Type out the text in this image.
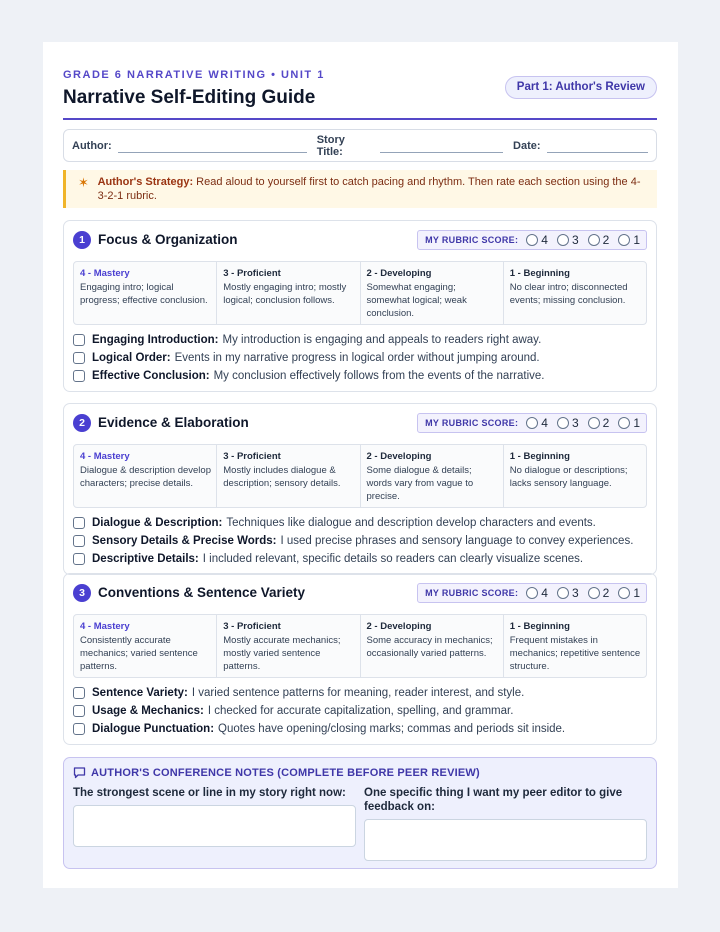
GRADE 6 NARRATIVE WRITING • UNIT 1
Narrative Self-Editing Guide	Part 1: Author's Review
Author:	Story Title:	Date:
✶ Author's Strategy: Read aloud to yourself first to catch pacing and rhythm. Then rate each section using the 4-3-2-1 rubric.
1 Focus & Organization	MY RUBRIC SCORE: 4 3 2 1
4 - Mastery
Engaging intro; logical progress; effective conclusion.
3 - Proficient
Mostly engaging intro; mostly logical; conclusion follows.
2 - Developing
Somewhat engaging; somewhat logical; weak conclusion.
1 - Beginning
No clear intro; disconnected events; missing conclusion.
Engaging Introduction: My introduction is engaging and appeals to readers right away.
Logical Order: Events in my narrative progress in logical order without jumping around.
Effective Conclusion: My conclusion effectively follows from the events of the narrative.
2 Evidence & Elaboration	MY RUBRIC SCORE: 4 3 2 1
4 - Mastery
Dialogue & description develop characters; precise details.
3 - Proficient
Mostly includes dialogue & description; sensory details.
2 - Developing
Some dialogue & details; words vary from vague to precise.
1 - Beginning
No dialogue or descriptions; lacks sensory language.
Dialogue & Description: Techniques like dialogue and description develop characters and events.
Sensory Details & Precise Words: I used precise phrases and sensory language to convey experiences.
Descriptive Details: I included relevant, specific details so readers can clearly visualize scenes.
3 Conventions & Sentence Variety	MY RUBRIC SCORE: 4 3 2 1
4 - Mastery
Consistently accurate mechanics; varied sentence patterns.
3 - Proficient
Mostly accurate mechanics; mostly varied sentence patterns.
2 - Developing
Some accuracy in mechanics; occasionally varied patterns.
1 - Beginning
Frequent mistakes in mechanics; repetitive sentence structure.
Sentence Variety: I varied sentence patterns for meaning, reader interest, and style.
Usage & Mechanics: I checked for accurate capitalization, spelling, and grammar.
Dialogue Punctuation: Quotes have opening/closing marks; commas and periods sit inside.
AUTHOR'S CONFERENCE NOTES (COMPLETE BEFORE PEER REVIEW)
The strongest scene or line in my story right now:	One specific thing I want my peer editor to give feedback on:
